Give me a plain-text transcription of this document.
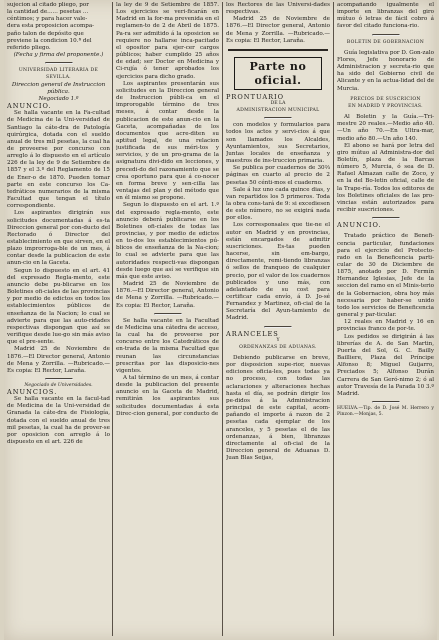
sujecion al citado pliego, por

la cantidad de...... pesetas ...

céntimos; y para hacer vale-

dera esta proposicion acompa-

paño talon de depósito que

previene la condicion 10.ª del

referido pliego.

(Fecha y firma del proponente.)

UNIVERSIDAD LITERARIA DE

SEVILLA.

Direccion general de Instruccion

pública.

Negociado 1.º

ANUNCIO.

Se halla vacante en la Fa-cultad de Medicina de la Uni-versidad de Santiago la cáte-dra de Patología quirúrgica, dotada con el sueldo anual de tres mil pesetas, la cual ha de proveerse por concurso con arreglo á lo dispuesto en el artículo 226 de la ley de 9 de Setiembre de 1857 y el 3.º del Reglamento de 15 de Ener-o de 1870. Pueden tomar parte en este concurso los Ca-tedráticos numerarios de la misma Facultad que tengan el título correspondiente.

Los aspirantes dirigirán sus solicitudes documentadas á es-ta Direccion general por con-ducto del Rectorado ó Director del establecimiento en que sirven, en el plazo improrroga-ble de un mes, á contar desde la publicacion de este anun-cio en la Gaceta.

Segun lo dispuesto en el art. 41 del expresado Regla-mento, este anuncio debe pu-blicarse en los Boletines ofi-ciales de las provincias y por medio de edictos en todos los establecimientos públicos de enseñanza de la Nacion; lo cual se advierte para que las auto-ridades respectivas dispongan que así se verifique desde lue-go sin más aviso que el pre-sente.

Madrid 25 de Noviembre de 1876.—El Director general, Antonio de Mena y Zorrilla. —Rubricado.—Es copia: El Rector, Laraña.

Negociado de Universidades.

ANUNCIOS.

Se halla vacante en la facul-tad de Medicina de la Uni-versidad de Granada la cáte-dra de Fisiología, dotada con el sueldo anual de tres mil pesetas, la cual ha de prover-se por oposicion con arreglo á lo dispuesto en el art. 226 de

la ley de 9 de Setiembre de 1857. Los ejercicios se veri-ficarán en Madrid en la for-ma prevenida en el reglamen-to de 2 de Abril de 1875. Pa-ra ser admitido á la oposicion se requiere no hallarse inca-pacitado el opositor para ejer-cer cargos públicos; haber cumplido 25 años de edad; ser Doctor en Medicina y Ci-rujía ó tener aprobados los ejercicios para dicho grado.

Los aspirantes presentarán sus solicitudes en la Direccion general de Instruccion públi-ca en el improrogable término de tres meses, á contar desde la publicacion de este anun-cio en la Gaceta, acompañadas de los documentos que acre-diten su aptitud legal, de una relacion justificada de sus méri-tos y servicios, y de un pro-grama de la asignatura divi-dido en lecciones, y precedi-do del razonamiento que se crea oportuno para que á co-nocer en forma breve y sen-cilla las ventajas del plan y del método que en él mismo se propone.

Segun lo dispuesto en el art. 1.º del expresado regla-mento, este anuncio deberá publicarse en los Boletines ofi-ciales de todas las provincias, y por medio de edictos en to-dos los establecimientos pú-blicos de enseñanza de la Na-cion; lo cual se advierte para que las autoridades respecti-vas dispongan desde luego que así se verifique sin más que este aviso.

Madrid 25 de Noviembre de 1876.—El Director general, Antonio de Mena y Zorrilla. —Rubricado.—Es copia: El Rector, Laraña.

Se halla vacante en la Facultad de Medicina una cátedra de acceso, la cual ha de proveerse por concurso entre los Catedráticos de en-trada de la misma Facultad que reunan las circunstancias prescritas por las disposicio-nes vigentes.

A tal término de un mes, á contar desde la publicacion del presente anuncio en la Gaceta de Madrid, remitirán los aspirantes sus solicitudes documentadas á esta Direc-cion general, por conducto de

los Rectores de las Universi-dades respectivas.

Madrid 25 de Noviembre de 1876.—El Director general, Antonio de Mena y Zorrilla. —Rubricado.—Es copia: El Rector, Laraña.

Parte no oficial.

PRONTUARIO

DE LA

ADMINISTRACION MUNICIPAL

con modelos y formularios para todos los actos y servi-cios á que son llamados los Alcaldes, Ayuntamientos, sus Secretarios, Juntas locales de enseñanza y maestros de ins-truccion primaria.

Se publica por cuadernos de 30⅔ páginas en cuarto al precio de 2 pesetas 50 cénti-mos el cuaderno.

Sale á luz uno cada quince dias, y van repartidos los 5 primeros. Toda la obra cons-tará de 9: si excediesen de este número, no se exigirá nada por ellos.

Los corresponsales que tie-ne el autor en Madrid y en provincias, están encargados de admitir suscriciones. Es-tas pueden hacerse, sin em-bargo, directamente, remi-tiendo libranzas ó sellos de franqueo de cualquier precio, por el valor de los cuadernos publicados y uno más, con adelantado de su cost para certificar cada envío, á D. Jo-sé Fernandez y Martinez, ofi-cial de la Secretaría del Ayun-tamiento de Madrid.

ARANCELES

Y

ORDENANZAS DE ADUANAS.

Debiendo publicarse en breve, por disposicion supe-rior, nuevas ediciones oficia-les, pues todas ya no proceso, con todas las aclaraciones y alteraciones hechas hasta el día, se podrán dirigir los pe-didos á la Administracion principal de este capital, acom-pañando el importe á razon de 2 pesetas cada ejemplar de los aranceles, y 5 pesetas el de las ordenanzas, á bien, libranzas directamente al ofi-cial de la Direccion general de Aduanas D. Juan Blas Seijas,

acompañando igualmente el importe en libranzas del giro mútuo ó letras de fácil cobro á favor del citado funciona-rio.

BOLETIN DE GOBERNACION

Guía legislativa por D. Gon-zalo Flores, Jefe honorario de Administracion y secreta-rio que ha sido del Gobierno civil de Alicante y en la actua-lidad del de Murcia.

PRECIOS DE SUSCRICION

EN MADRID Y PROVINCIAS.

Al Boletin y la Guía.—Tri-mestre 20 reales.—Medio año 40.—Un año 70.—En Ultra-mar, medio año 80.—Un año 140.

El abono se hará por letra del giro mútuo al Administra-dor del Boletín, plaza de la Barcas número 5, Murcia, ó sea de D. Rafael Almazan calle de Zoco, y en la del Bo-letin oficial, calle de la Trape-ría. Todos los editores de los Boletines oficiales de las pro-vincias están autorizados para recibir suscriciones.

ANUNCIO.

Tratado práctico de Benefi-cencia particular, fundaciones para el ejercicio del Protecto-rado en la Beneficencia parti-cular de 30 de Diciembre de 1875, anotado por D. Fermín Hernandez Iglesias, Jefe de la seccion del ramo en el Minis-terio de la Gobernacion, obra hoy más necesaria por haber-se unido todo los servicios de Beneficencia general y par-ticular.

12 reales en Madrid y 16 en provincias franco de por-te.

Los pedidos se dirigirán á las librerías de A. de San Martin, Puerta del Sol, G. C. Bailly Bailliere, Plaza del Príncipe Alfonso 8; Miguel Guijarro, Preciados 5; Alfonso Durán Carrera de San Geró-nimo 2; ó al autor Travesía de la Parada 10 3.º Madrid.

HUELVA.—Tip. de D. José M. Herrero y Pinzon.—Monjas, 5.
